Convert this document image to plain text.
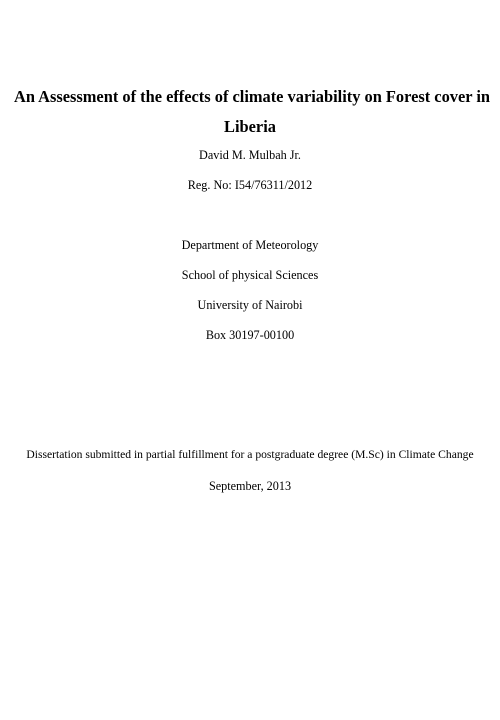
An Assessment of the effects of climate variability on Forest cover in
Liberia

David M. Mulbah Jr.

Reg. No: I54/76311/2012

Department of Meteorology

School of physical Sciences

University of Nairobi

Box 30197-00100

Dissertation submitted in partial fulfillment for a postgraduate degree (M.Sc) in Climate Change

September, 2013
